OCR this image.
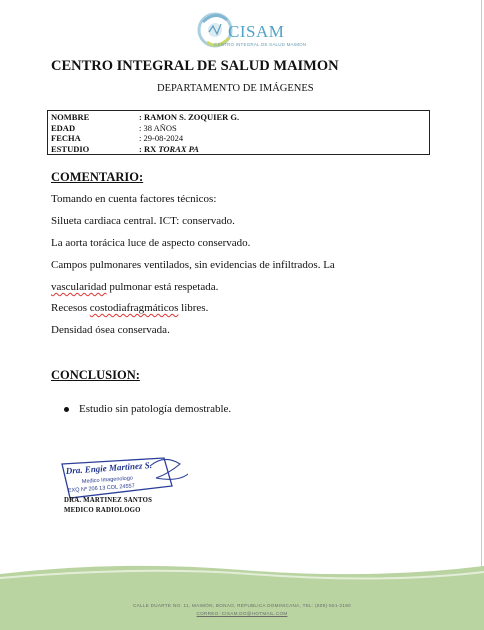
CISAM
CENTRO INTEGRAL DE SALUD MAIMON
CENTRO INTEGRAL DE SALUD MAIMON
DEPARTAMENTO DE IMÁGENES
NOMBRE	: RAMON S. ZOQUIER G.
EDAD	: 38 AÑOS
FECHA	: 29-08-2024
ESTUDIO	: RX TORAX PA
COMENTARIO:
Tomando en cuenta factores técnicos:
Silueta cardiaca central. ICT: conservado.
La aorta torácica luce de aspecto conservado.
Campos pulmonares ventilados, sin evidencias de infiltrados. La
vascularidad pulmonar está respetada.
Recesos costodiafragmáticos libres.
Densidad ósea conservada.
CONCLUSION:
Estudio sin patología demostrable.
Dra. Engie Martinez S.
Medico Imagenologo
EXQ Nº 206 13 COL 24557
DRA. MARTINEZ SANTOS
MEDICO RADIOLOGO
CALLE DUARTE NO. 11, MAIMÓN, BONAO, REPUBLICA DOMINICANA, TEL: (809)-551-2190
CORREO: CISAM.DO@HOTMAIL.COM
